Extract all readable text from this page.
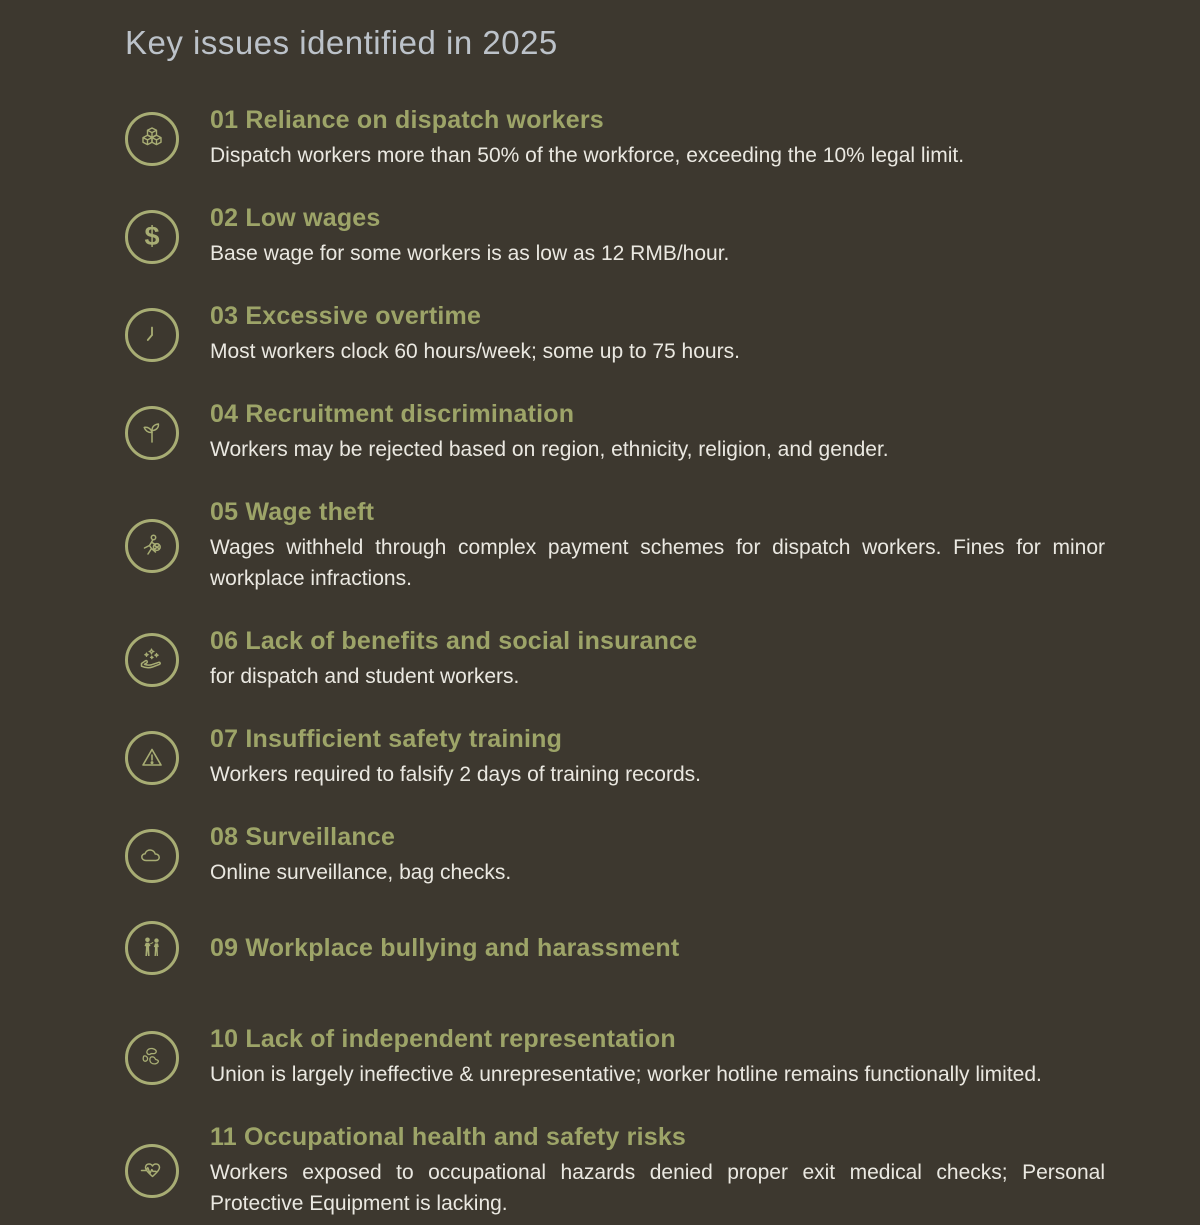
Key issues identified in 2025
01 Reliance on dispatch workers

Dispatch workers more than 50% of the workforce, exceeding the 10% legal limit.

$
02 Low wages

Base wage for some workers is as low as 12 RMB/hour.

03 Excessive overtime

Most workers clock 60 hours/week; some up to 75 hours.

04 Recruitment discrimination

Workers may be rejected based on region, ethnicity, religion, and gender.

05 Wage theft

Wages withheld through complex payment schemes for dispatch workers. Fines for minor workplace infractions.

06 Lack of benefits and social insurance

for dispatch and student workers.

07 Insufficient safety training

Workers required to falsify 2 days of training records.

08 Surveillance

Online surveillance, bag checks.

09 Workplace bullying and harassment
10 Lack of independent representation

Union is largely ineffective & unrepresentative; worker hotline remains functionally limited.

11 Occupational health and safety risks

Workers exposed to occupational hazards denied proper exit medical checks; Personal Protective Equipment is lacking.
